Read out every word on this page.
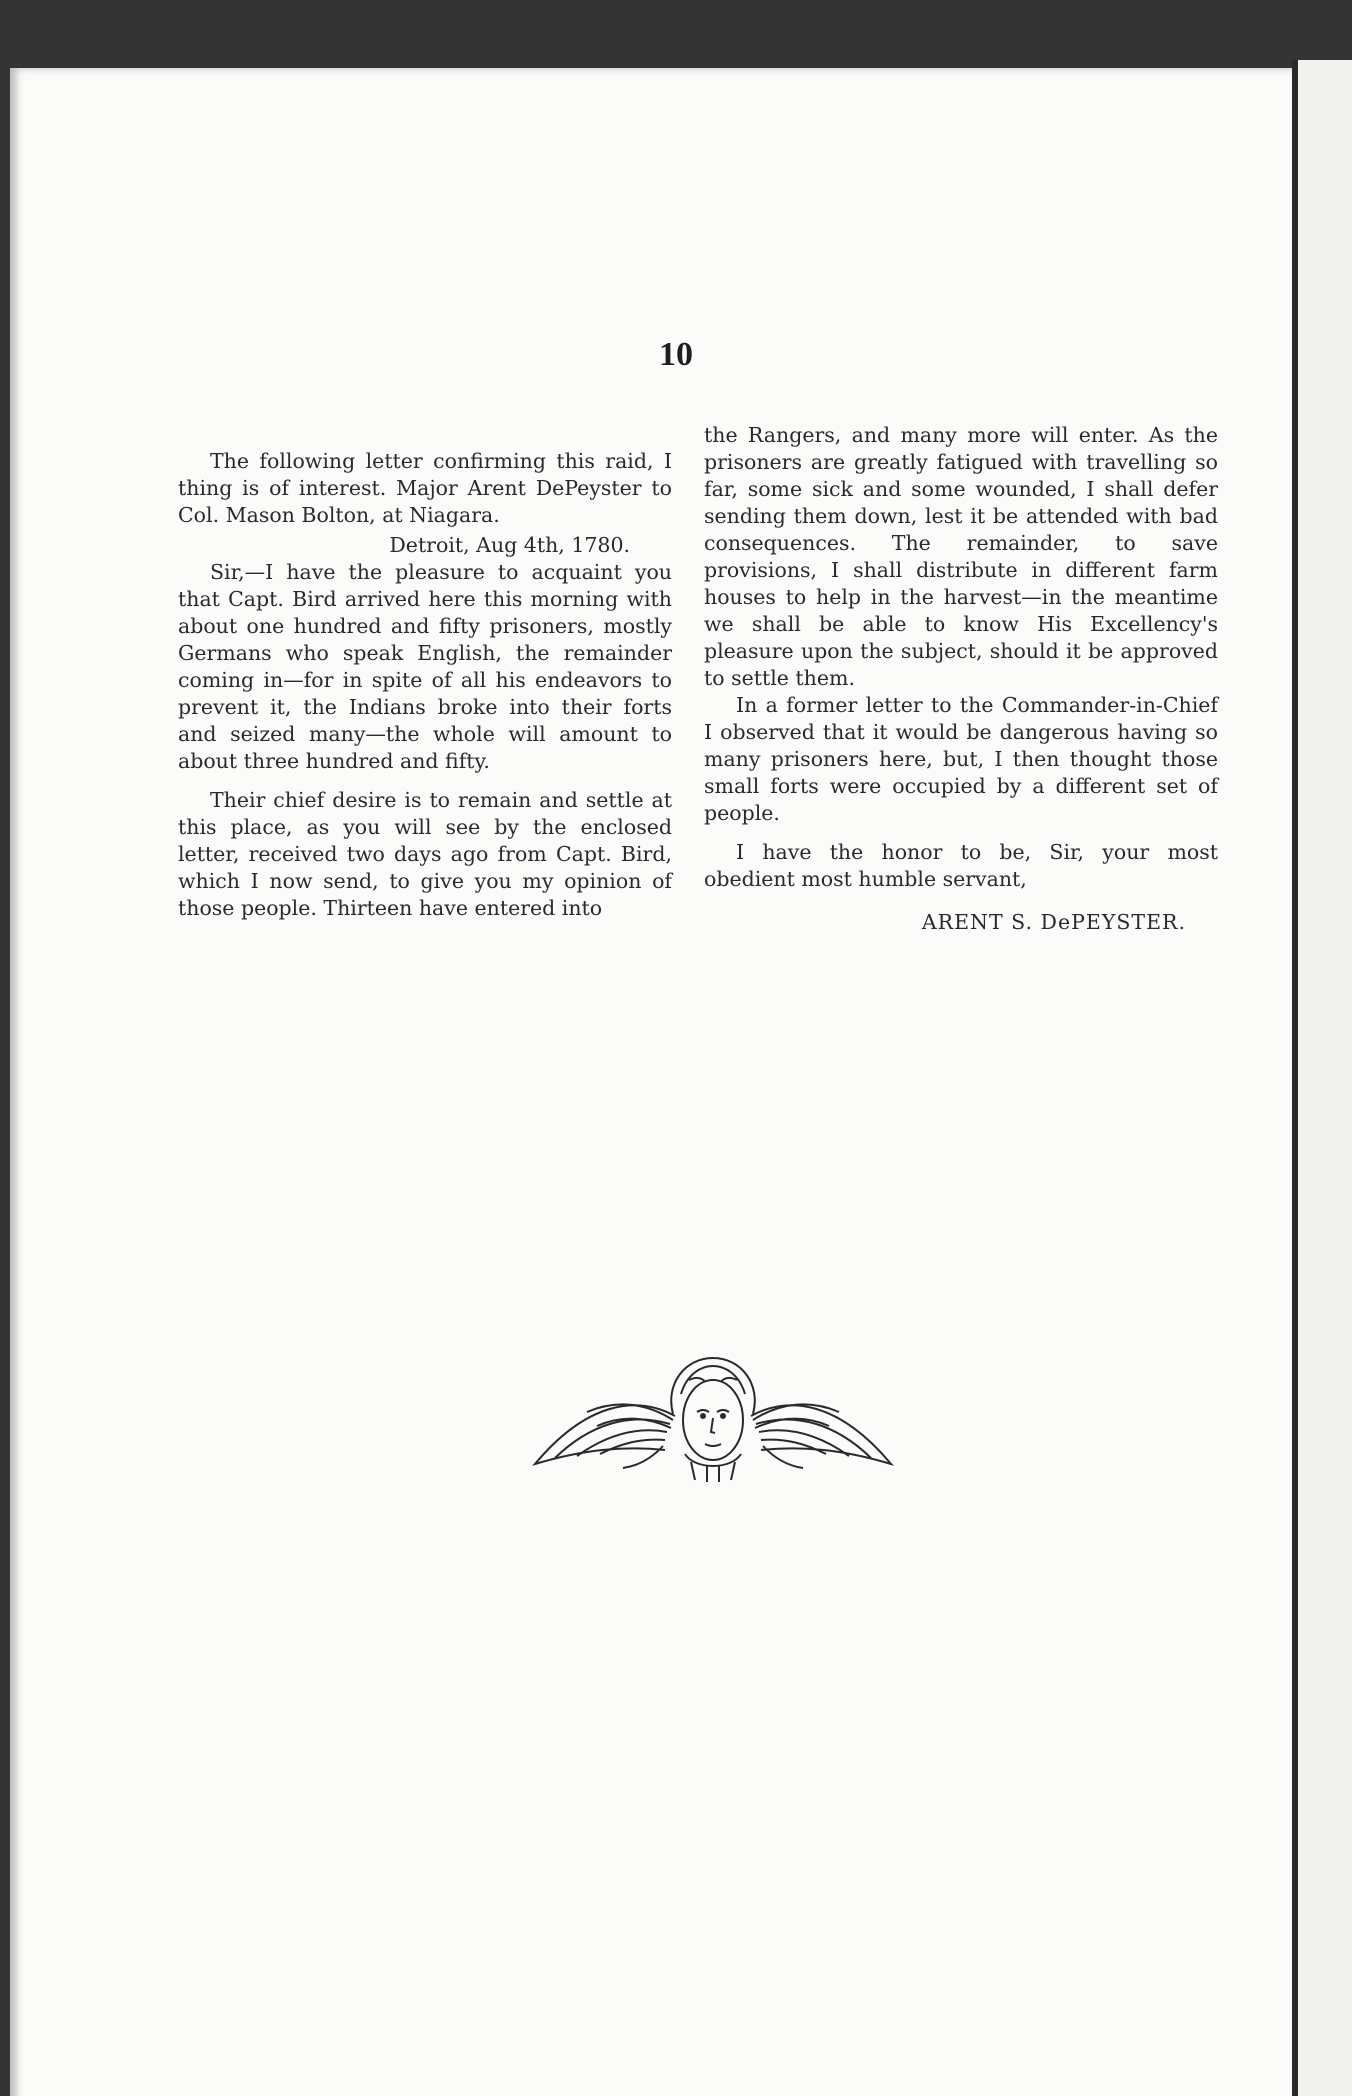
10

The following letter confirming this raid, I thing is of interest. Major Arent DePeyster to Col. Mason Bolton, at Niagara.

Detroit, Aug 4th, 1780.

Sir,—I have the pleasure to acquaint you that Capt. Bird arrived here this morning with about one hundred and fifty prisoners, mostly Germans who speak English, the remainder coming in—for in spite of all his endeavors to prevent it, the Indians broke into their forts and seized many—the whole will amount to about three hundred and fifty.

Their chief desire is to remain and settle at this place, as you will see by the enclosed letter, received two days ago from Capt. Bird, which I now send, to give you my opinion of those people. Thirteen have entered into

the Rangers, and many more will enter. As the prisoners are greatly fatigued with travelling so far, some sick and some wounded, I shall defer sending them down, lest it be attended with bad consequences. The remainder, to save provisions, I shall distribute in different farm houses to help in the harvest—in the meantime we shall be able to know His Excellency's pleasure upon the subject, should it be approved to settle them.

In a former letter to the Commander-in-Chief I observed that it would be dangerous having so many prisoners here, but, I then thought those small forts were occupied by a different set of people.

I have the honor to be, Sir, your most obedient most humble servant,

ARENT S. DePEYSTER.
